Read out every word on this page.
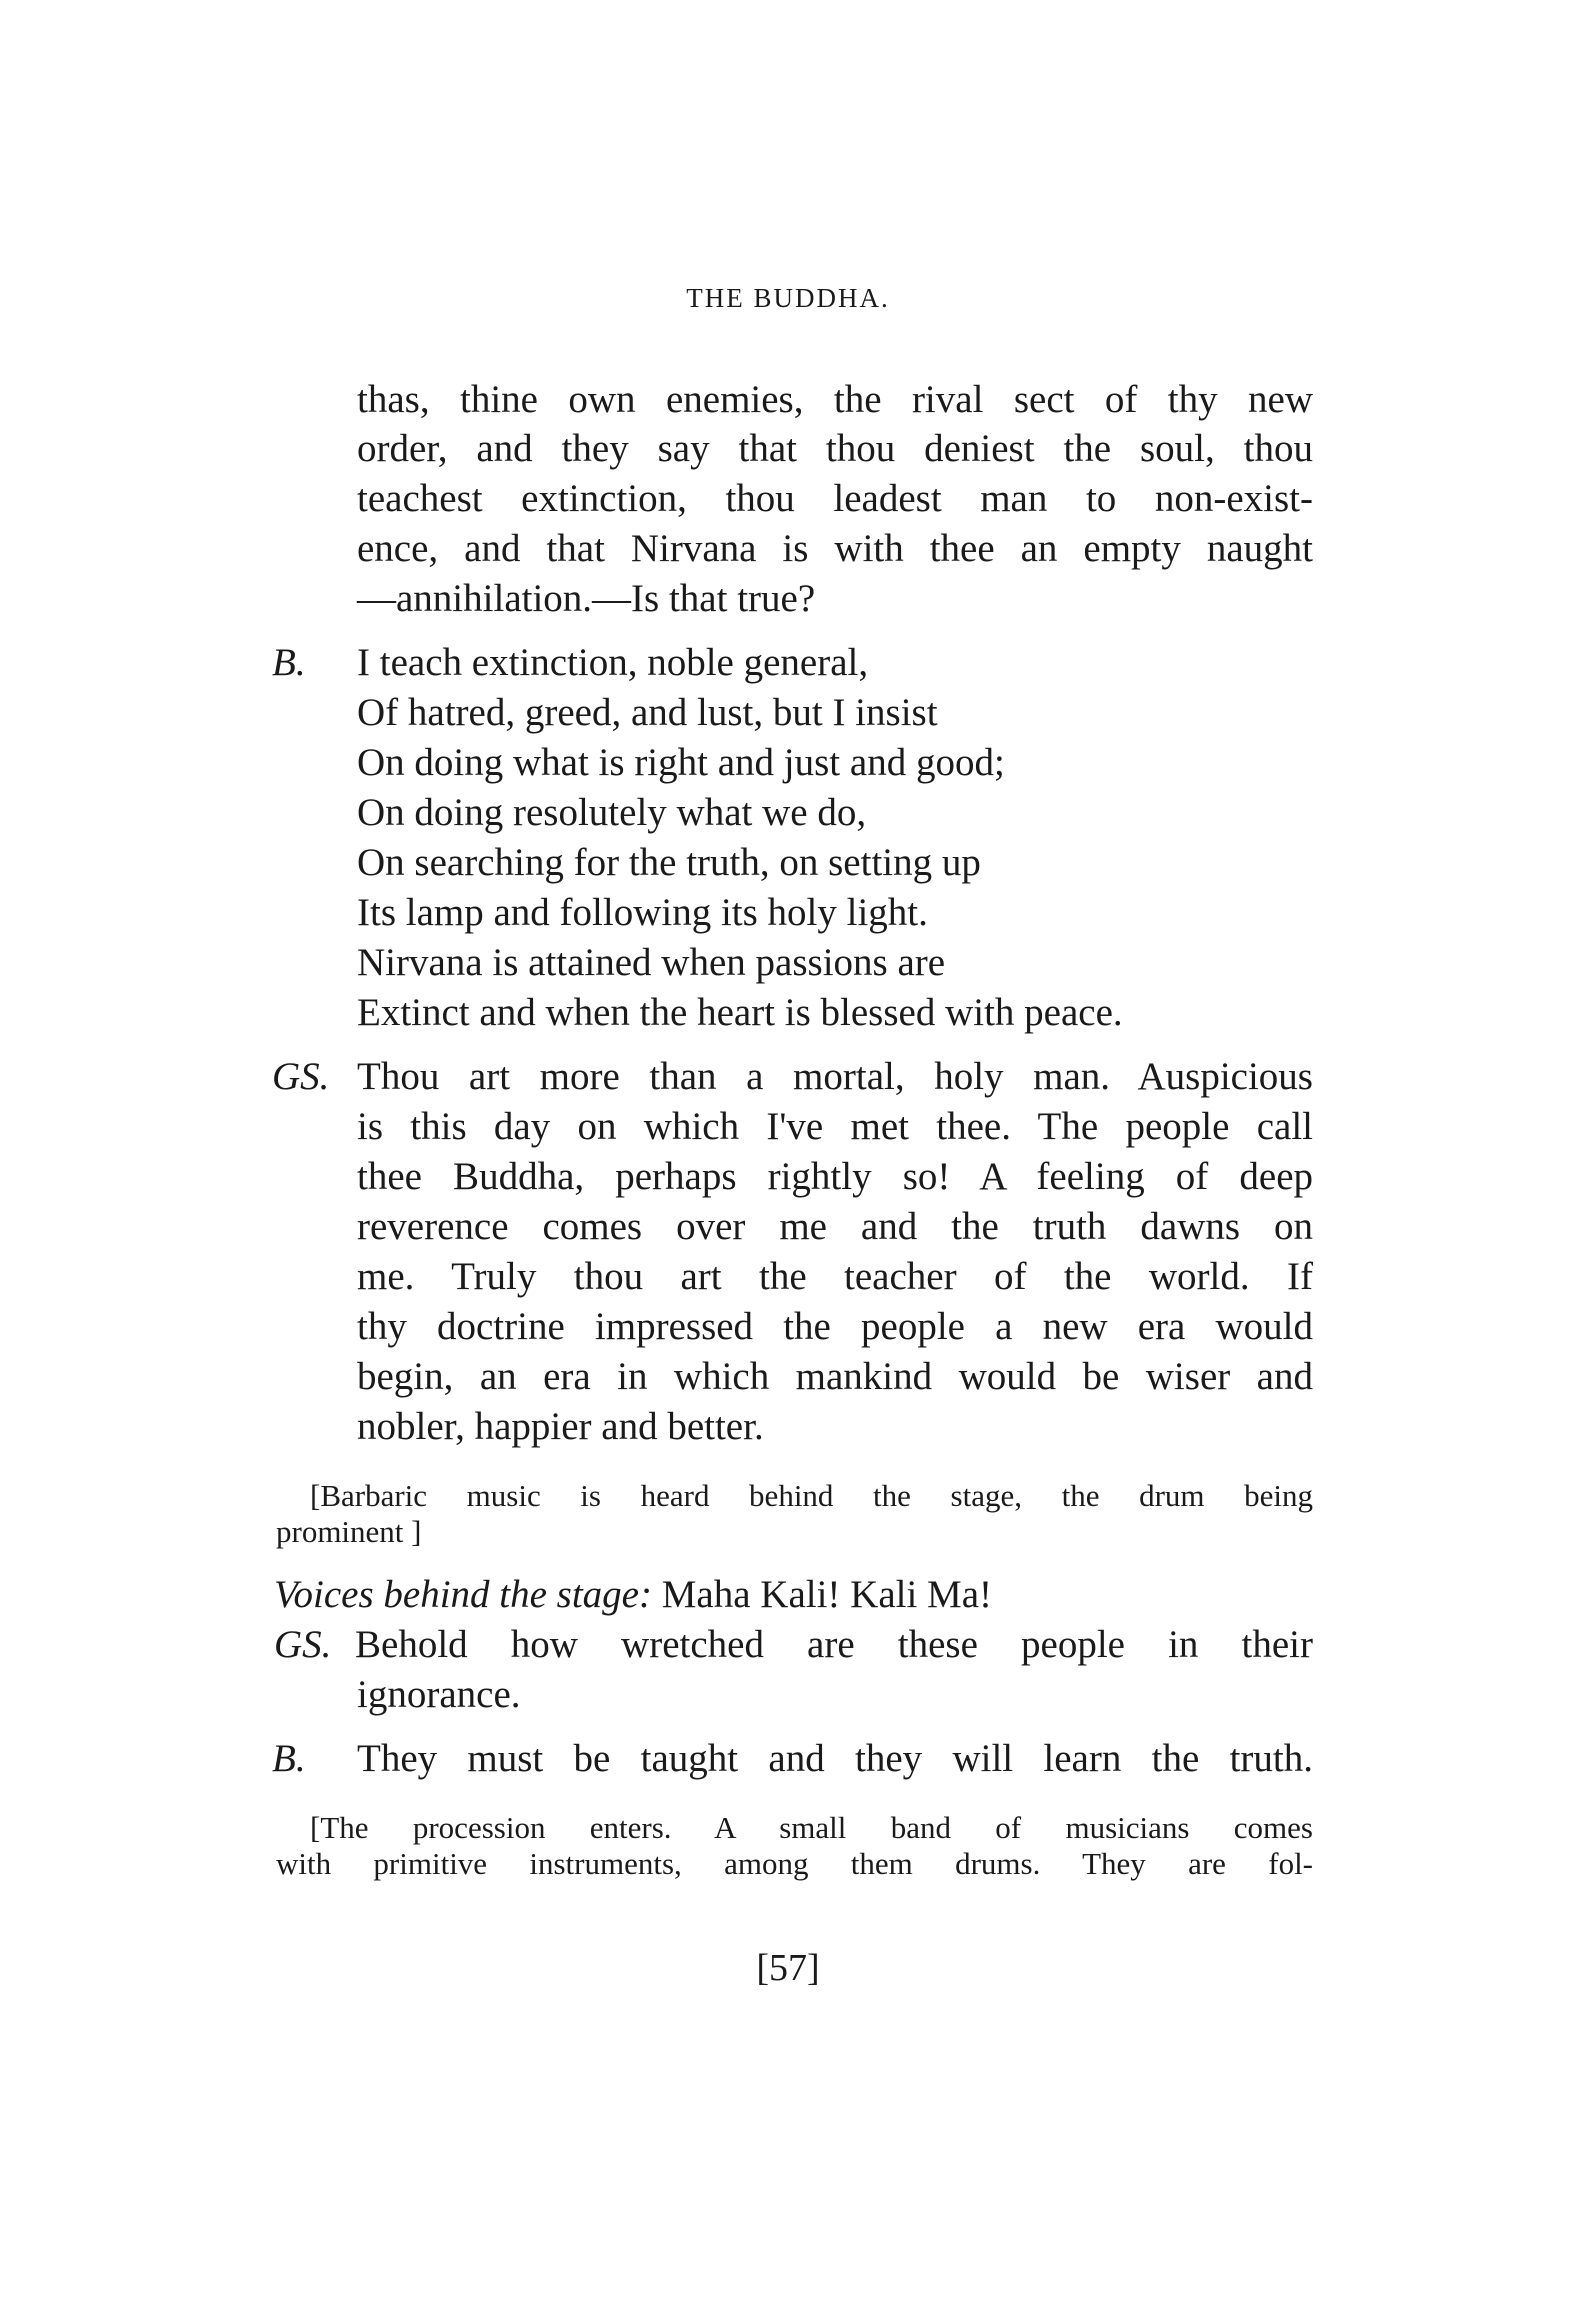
THE BUDDHA.
thas, thine own enemies, the rival sect of thy new
order, and they say that thou deniest the soul, thou
teachest extinction, thou leadest man to non-exist-
ence, and that Nirvana is with thee an empty naught
—annihilation.—Is that true?
B. I teach extinction, noble general,
Of hatred, greed, and lust, but I insist
On doing what is right and just and good;
On doing resolutely what we do,
On searching for the truth, on setting up
Its lamp and following its holy light.
Nirvana is attained when passions are
Extinct and when the heart is blessed with peace.
GS. Thou art more than a mortal, holy man. Auspicious
is this day on which I've met thee. The people call
thee Buddha, perhaps rightly so! A feeling of deep
reverence comes over me and the truth dawns on
me. Truly thou art the teacher of the world. If
thy doctrine impressed the people a new era would
begin, an era in which mankind would be wiser and
nobler, happier and better.
[Barbaric music is heard behind the stage, the drum being
prominent ]
Voices behind the stage: Maha Kali! Kali Ma!
GS. Behold how wretched are these people in their
ignorance.
B. They must be taught and they will learn the truth.
[The procession enters. A small band of musicians comes
with primitive instruments, among them drums. They are fol-
[57]
